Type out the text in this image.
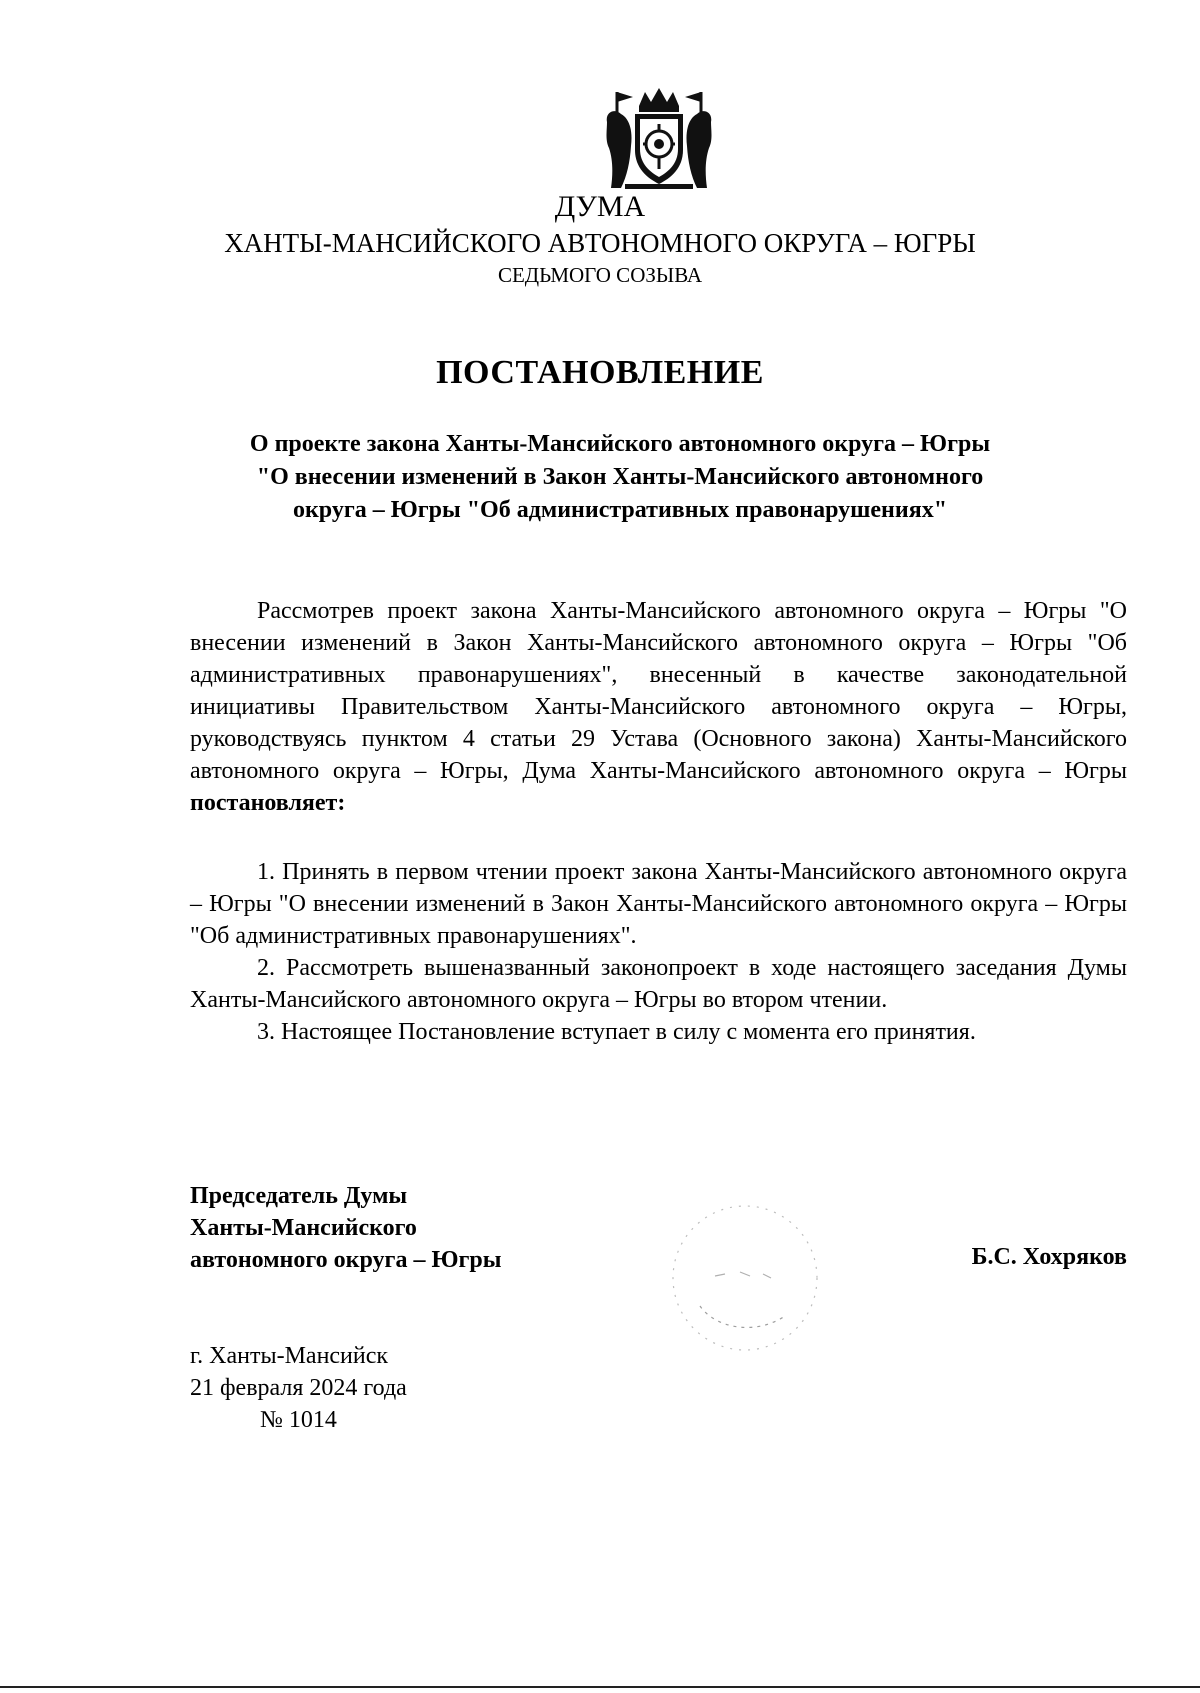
ДУМА
ХАНТЫ-МАНСИЙСКОГО АВТОНОМНОГО ОКРУГА – ЮГРЫ
СЕДЬМОГО СОЗЫВА
ПОСТАНОВЛЕНИЕ
О проекте закона Ханты-Мансийского автономного округа – Югры
"О внесении изменений в Закон Ханты-Мансийского автономного
округа – Югры "Об административных правонарушениях"
Рассмотрев проект закона Ханты-Мансийского автономного округа – Югры "О внесении изменений в Закон Ханты-Мансийского автономного округа – Югры "Об административных правонарушениях", внесенный в качестве законодательной инициативы Правительством Ханты-Мансийского автономного округа – Югры, руководствуясь пунктом 4 статьи 29 Устава (Основного закона) Ханты-Мансийского автономного округа – Югры, Дума Ханты-Мансийского автономного округа – Югры постановляет:

1. Принять в первом чтении проект закона Ханты-Мансийского автономного округа – Югры "О внесении изменений в Закон Ханты-Мансийского автономного округа – Югры "Об административных правонарушениях".

2. Рассмотреть вышеназванный законопроект в ходе настоящего заседания Думы Ханты-Мансийского автономного округа – Югры во втором чтении.

3. Настоящее Постановление вступает в силу с момента его принятия.

Председатель Думы
Ханты-Мансийского
автономного округа – Югры	Б.С. Хохряков
г. Ханты-Мансийск
21 февраля 2024 года
№ 1014
